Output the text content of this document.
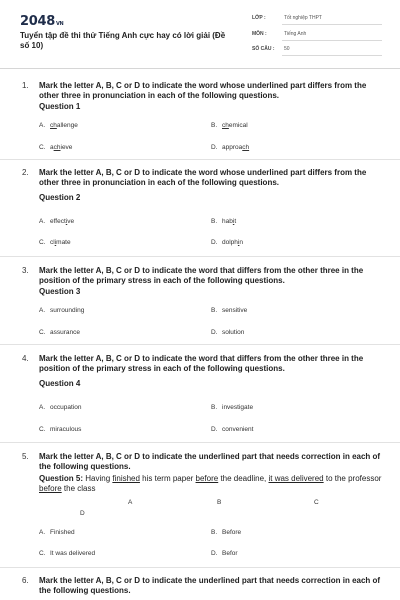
2048VN
Tuyển tập đề thi thử Tiếng Anh cực hay có lời giải (Đề số 10)
LỚP :	Tốt nghiệp THPT
MÔN :	Tiếng Anh
SỐ CÂU : 50
1. Mark the letter A, B, C or D to indicate the word whose underlined part differs from the other three in pronunciation in each of the following questions.
Question 1
A. challenge	B. chemical
C. achieve	D. approach
2. Mark the letter A, B, C or D to indicate the word whose underlined part differs from the other three in pronunciation in each of the following questions.
Question 2
A. effective	B. habit
C. climate	D. dolphin
3. Mark the letter A, B, C or D to indicate the word that differs from the other three in the position of the primary stress in each of the following questions.
Question 3
A. surrounding	B. sensitive
C. assurance	D. solution
4. Mark the letter A, B, C or D to indicate the word that differs from the other three in the position of the primary stress in each of the following questions.
Question 4
A. occupation	B. investigate
C. miraculous	D. convenient
5. Mark the letter A, B, C or D to indicate the underlined part that needs correction in each of the following questions.
Question 5: Having finished his term paper before the deadline, it was delivered to the professor before the class
A	B	C
D
A. Finished	B. Before
C. It was delivered	D. Befor
6. Mark the letter A, B, C or D to indicate the underlined part that needs correction in each of the following questions.
